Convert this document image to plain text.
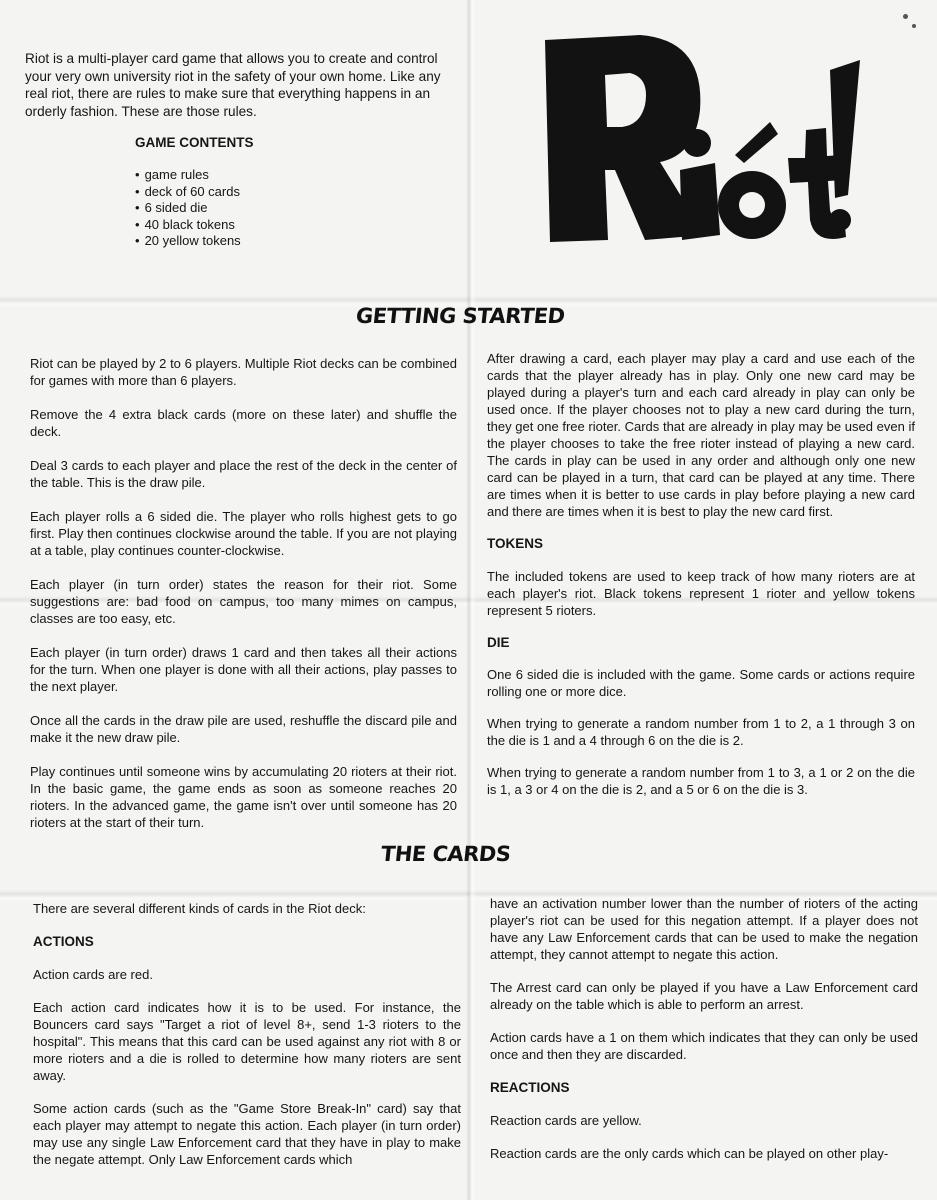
Riot is a multi-player card game that allows you to create and control your very own university riot in the safety of your own home. Like any real riot, there are rules to make sure that everything happens in an orderly fashion. These are those rules.

GAME CONTENTS

• game rules
• deck of 60 cards
• 6 sided die
• 40 black tokens
• 20 yellow tokens
GETTING STARTED

Riot can be played by 2 to 6 players. Multiple Riot decks can be combined for games with more than 6 players.

Remove the 4 extra black cards (more on these later) and shuffle the deck.

Deal 3 cards to each player and place the rest of the deck in the center of the table. This is the draw pile.

Each player rolls a 6 sided die. The player who rolls highest gets to go first. Play then continues clockwise around the table. If you are not playing at a table, play continues counter-clockwise.

Each player (in turn order) states the reason for their riot. Some suggestions are: bad food on campus, too many mimes on campus, classes are too easy, etc.

Each player (in turn order) draws 1 card and then takes all their actions for the turn. When one player is done with all their actions, play passes to the next player.

Once all the cards in the draw pile are used, reshuffle the discard pile and make it the new draw pile.

Play continues until someone wins by accumulating 20 rioters at their riot. In the basic game, the game ends as soon as someone reaches 20 rioters. In the advanced game, the game isn't over until someone has 20 rioters at the start of their turn.

After drawing a card, each player may play a card and use each of the cards that the player already has in play. Only one new card may be played during a player's turn and each card already in play can only be used once. If the player chooses not to play a new card during the turn, they get one free rioter. Cards that are already in play may be used even if the player chooses to take the free rioter instead of playing a new card. The cards in play can be used in any order and although only one new card can be played in a turn, that card can be played at any time. There are times when it is better to use cards in play before playing a new card and there are times when it is best to play the new card first.

TOKENS

The included tokens are used to keep track of how many rioters are at each player's riot. Black tokens represent 1 rioter and yellow tokens represent 5 rioters.

DIE

One 6 sided die is included with the game. Some cards or actions require rolling one or more dice.

When trying to generate a random number from 1 to 2, a 1 through 3 on the die is 1 and a 4 through 6 on the die is 2.

When trying to generate a random number from 1 to 3, a 1 or 2 on the die is 1, a 3 or 4 on the die is 2, and a 5 or 6 on the die is 3.

THE CARDS

There are several different kinds of cards in the Riot deck:

ACTIONS

Action cards are red.

Each action card indicates how it is to be used. For instance, the Bouncers card says "Target a riot of level 8+, send 1-3 rioters to the hospital". This means that this card can be used against any riot with 8 or more rioters and a die is rolled to determine how many rioters are sent away.

Some action cards (such as the "Game Store Break-In" card) say that each player may attempt to negate this action. Each player (in turn order) may use any single Law Enforcement card that they have in play to make the negate attempt. Only Law Enforcement cards which

have an activation number lower than the number of rioters of the acting player's riot can be used for this negation attempt. If a player does not have any Law Enforcement cards that can be used to make the negation attempt, they cannot attempt to negate this action.

The Arrest card can only be played if you have a Law Enforcement card already on the table which is able to perform an arrest.

Action cards have a 1 on them which indicates that they can only be used once and then they are discarded.

REACTIONS

Reaction cards are yellow.

Reaction cards are the only cards which can be played on other play-
